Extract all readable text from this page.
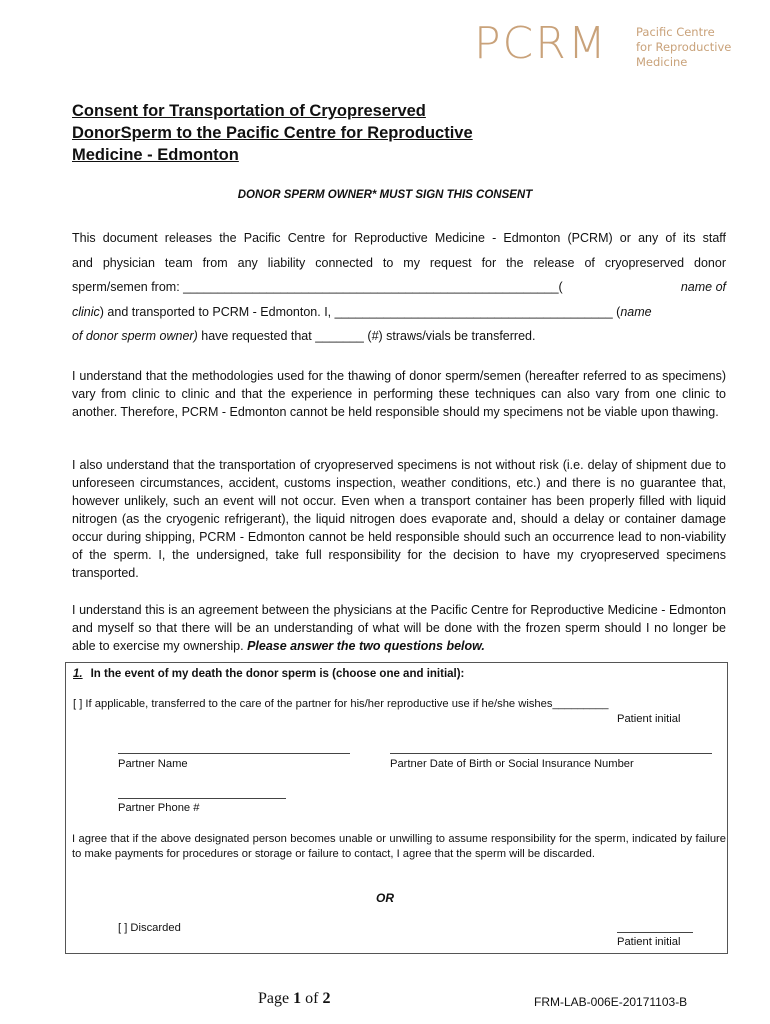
PCRM Pacific Centre
for Reproductive
Medicine
Consent for Transportation of Cryopreserved
DonorSperm to the Pacific Centre for Reproductive
Medicine - Edmonton
DONOR SPERM OWNER* MUST SIGN THIS CONSENT
This document releases the Pacific Centre for Reproductive Medicine - Edmonton (PCRM) or any of its staff
and physician team from any liability connected to my request for the release of cryopreserved donor
sperm/semen from: ______________________________________________________(	name of
clinic ) and transported to PCRM - Edmonton. I, ________________________________________ ( name
of donor sperm owner) have requested that _______ ( # ) straws/vials be transferred.
I understand that the methodologies used for the thawing of donor sperm/semen (hereafter referred to as specimens) vary from clinic to clinic and that the experience in performing these techniques can also vary from one clinic to another. Therefore, PCRM - Edmonton cannot be held responsible should my specimens not be viable upon thawing.
I also understand that the transportation of cryopreserved specimens is not without risk (i.e. delay of shipment due to unforeseen circumstances, accident, customs inspection, weather conditions, etc.) and there is no guarantee that, however unlikely, such an event will not occur. Even when a transport container has been properly filled with liquid nitrogen (as the cryogenic refrigerant), the liquid nitrogen does evaporate and, should a delay or container damage occur during shipping, PCRM - Edmonton cannot be held responsible should such an occurrence lead to non-viability of the sperm. I, the undersigned, take full responsibility for the decision to have my cryopreserved specimens transported.
I understand this is an agreement between the physicians at the Pacific Centre for Reproductive Medicine - Edmonton and myself so that there will be an understanding of what will be done with the frozen sperm should I no longer be able to exercise my ownership. Please answer the two questions below.
1. In the event of my death the donor sperm is (choose one and initial):
[ ] If applicable, transferred to the care of the partner for his/her reproductive use if he/she wishes_________
Patient initial
Partner Name	Partner Date of Birth or Social Insurance Number
Partner Phone #
I agree that if the above designated person becomes unable or unwilling to assume responsibility for the sperm, indicated by failure to make payments for procedures or storage or failure to contact, I agree that the sperm will be discarded.
OR
[ ] Discarded
Patient initial
Page 1 of 2	FRM-LAB-006E-20171103-B
